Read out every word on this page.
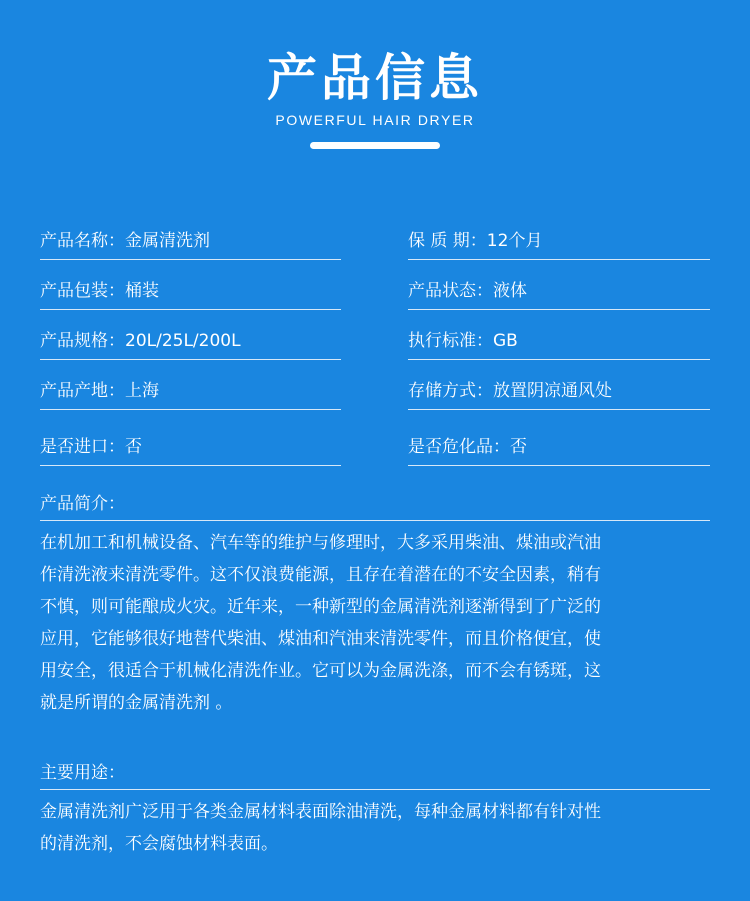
产品信息
POWERFUL HAIR DRYER
产品名称：金属清洗剂	保 质 期：12个月
产品包装：桶装	产品状态：液体
产品规格：20L/25L/200L	执行标准：GB
产品产地：上海	存储方式：放置阴凉通风处
是否进口：否	是否危化品：否
产品简介：
在机加工和机械设备、汽车等的维护与修理时，大多采用柴油、煤油或汽油
作清洗液来清洗零件。这不仅浪费能源，且存在着潜在的不安全因素，稍有
不慎，则可能酿成火灾。近年来，一种新型的金属清洗剂逐渐得到了广泛的
应用，它能够很好地替代柴油、煤油和汽油来清洗零件，而且价格便宜，使
用安全，很适合于机械化清洗作业。它可以为金属洗涤，而不会有锈斑，这
就是所谓的金属清洗剂 。
主要用途：
金属清洗剂广泛用于各类金属材料表面除油清洗，每种金属材料都有针对性
的清洗剂，不会腐蚀材料表面。
